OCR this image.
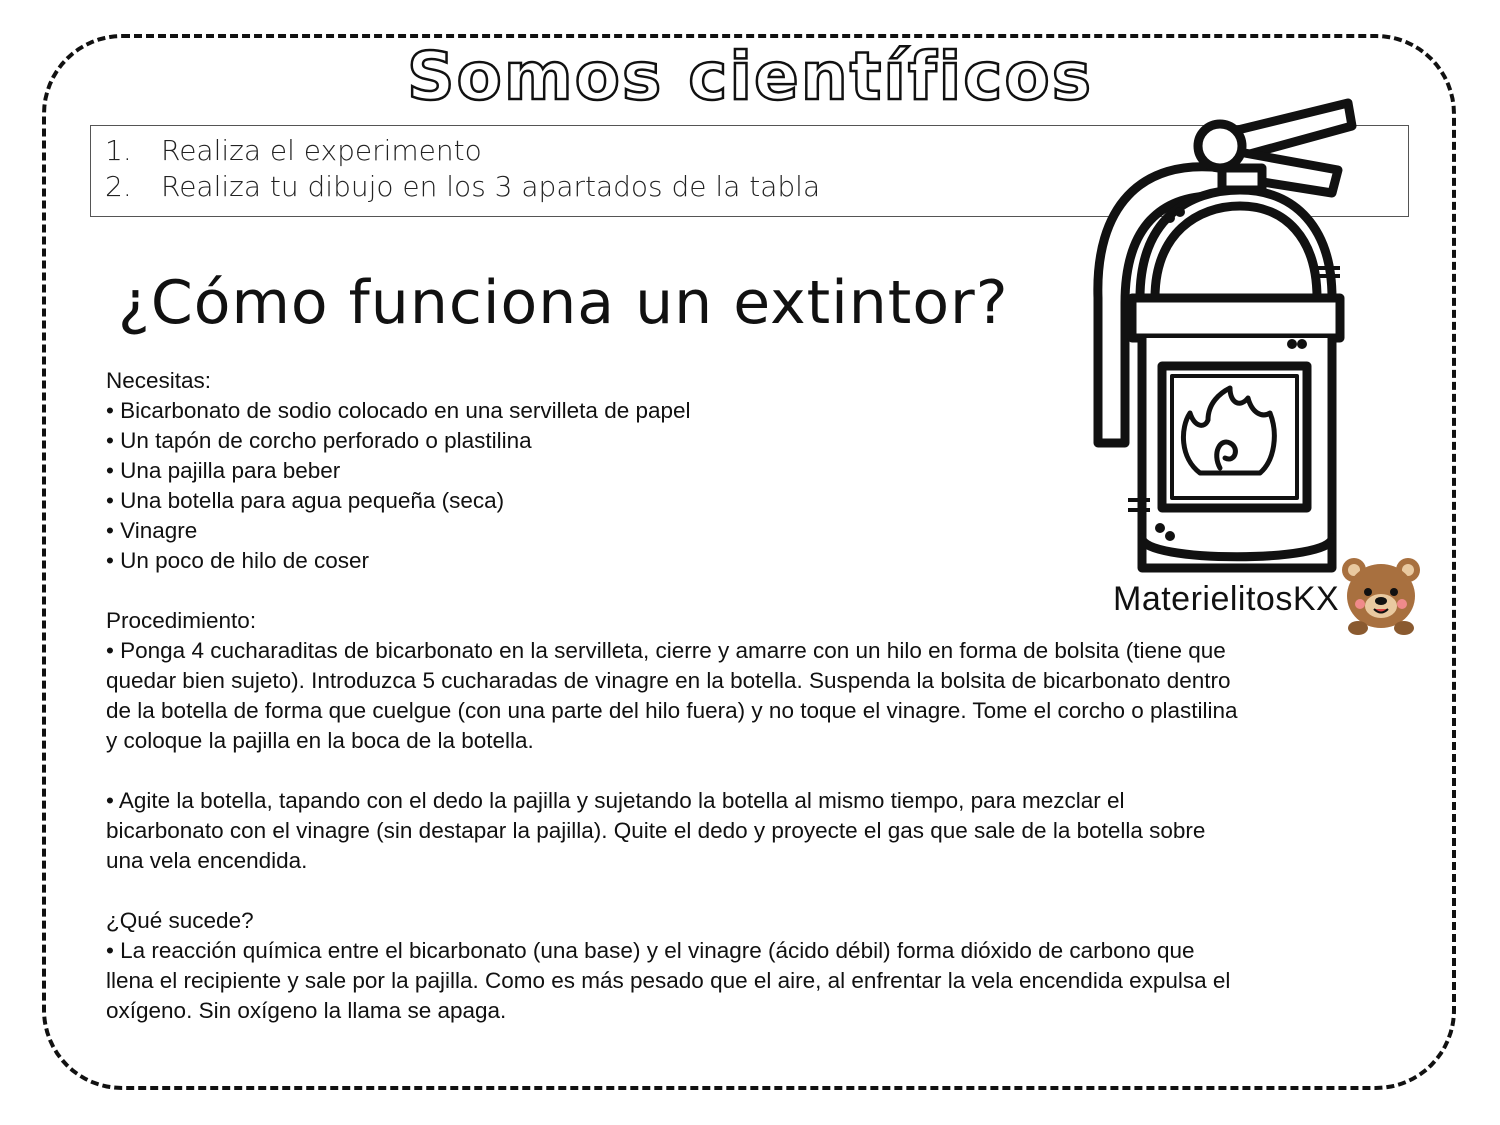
Somos científicos
1. Realiza el experimento
2. Realiza tu dibujo en los 3 apartados de la tabla
¿Cómo funciona un extintor?

Necesitas:

• Bicarbonato de sodio colocado en una servilleta de papel

• Un tapón de corcho perforado o plastilina

• Una pajilla para beber

• Una botella para agua pequeña (seca)

• Vinagre

• Un poco de hilo de coser

Procedimiento:

• Ponga 4 cucharaditas de bicarbonato en la servilleta, cierre y amarre con un hilo en forma de bolsita (tiene que quedar bien sujeto). Introduzca 5 cucharadas de vinagre en la botella. Suspenda la bolsita de bicarbonato dentro de la botella de forma que cuelgue (con una parte del hilo fuera) y no toque el vinagre. Tome el corcho o plastilina y coloque la pajilla en la boca de la botella.

• Agite la botella, tapando con el dedo la pajilla y sujetando la botella al mismo tiempo, para mezclar el bicarbonato con el vinagre (sin destapar la pajilla). Quite el dedo y proyecte el gas que sale de la botella sobre una vela encendida.

¿Qué sucede?

• La reacción química entre el bicarbonato (una base) y el vinagre (ácido débil) forma dióxido de carbono que llena el recipiente y sale por la pajilla. Como es más pesado que el aire, al enfrentar la vela encendida expulsa el oxígeno. Sin oxígeno la llama se apaga.

MaterielitosKX
